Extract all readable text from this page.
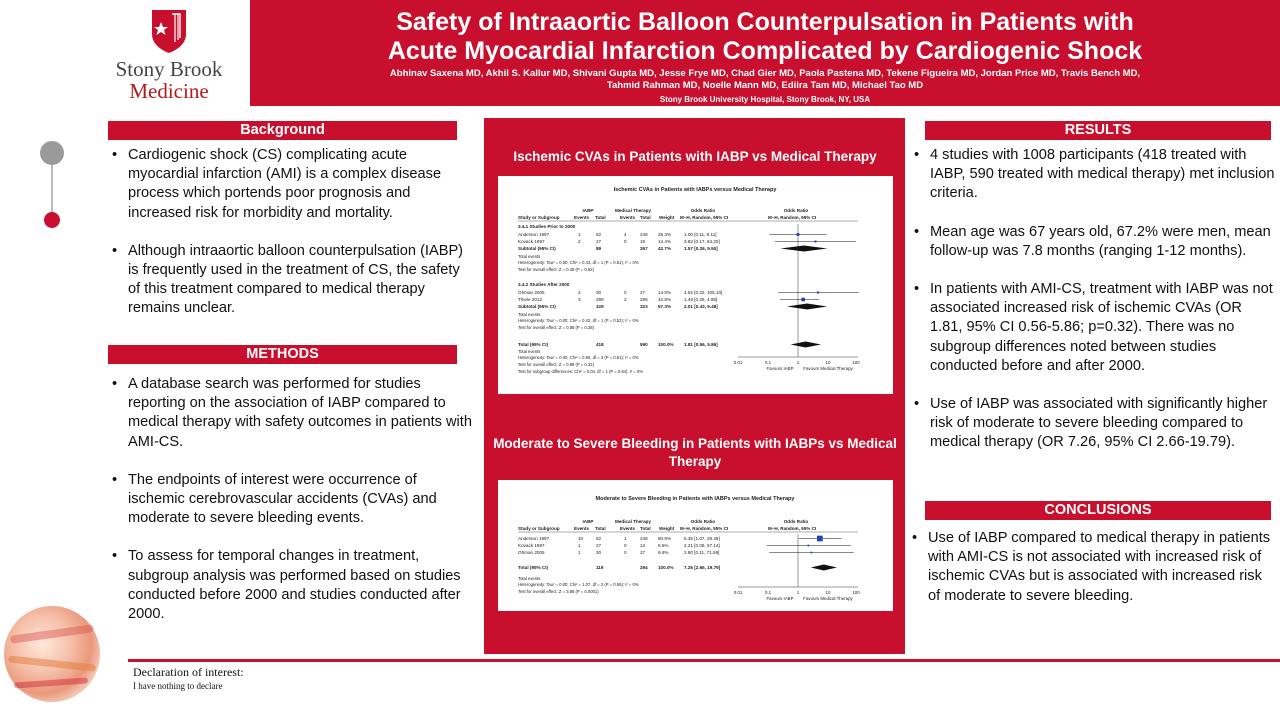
Stony Brook
Medicine
Safety of Intraaortic Balloon Counterpulsation in Patients with
Acute Myocardial Infarction Complicated by Cardiogenic Shock
Abhinav Saxena MD, Akhil S. Kallur MD, Shivani Gupta MD, Jesse Frye MD, Chad Gier MD, Paola Pastena MD, Tekene Figueira MD, Jordan Price MD, Travis Bench MD, Tahmid Rahman MD, Noelle Mann MD, Ediira Tam MD, Michael Tao MD
Stony Brook University Hospital, Stony Brook, NY, USA
Background
• Cardiogenic shock (CS) complicating acute myocardial infarction (AMI) is a complex disease process which portends poor prognosis and increased risk for morbidity and mortality.
• Although intraaortic balloon counterpulsation (IABP) is frequently used in the treatment of CS, the safety of this treatment compared to medical therapy remains unclear.
METHODS
• A database search was performed for studies reporting on the association of IABP compared to medical therapy with safety outcomes in patients with AMI-CS.
• The endpoints of interest were occurrence of ischemic cerebrovascular accidents (CVAs) and moderate to severe bleeding events.
• To assess for temporal changes in treatment, subgroup analysis was performed based on studies conducted before 2000 and studies conducted after 2000.
Ischemic CVAs in Patients with IABP vs Medical Therapy
Ischemic CVAs in Patients with IABPs versus Medical Therapy
IABP	Medical Therapy	Odds Ratio	Odds Ratio
Study or Subgroup	Events Total	Events Total Weight M–H, Random, 95% CI	M–H, Random, 95% CI
3.4.1 Studies Prior to 2000
3.4.2 Studies After 2000
Anderson 1997	1	62	4	248 28.3%	1.00 [0.11, 9.11]
Kovack 1997	2	27	0	19	14.4%	3.82 [0.17, 84.20]
Subtotal (95% CI)	89	267 42.7%	1.57 [0.26, 9.50]
Ohman 2005	2	30	0	27	14.5%	4.62 [0.22, 105.10]
Thiele 2012	3	299	2	296 42.8%	1.49 [0.25, 4.98]
Subtotal (95% CI)	329	323 57.3%	2.01 [0.43, 9.48]
Total (95% CI)	418	590 100.0% 1.81 [0.56, 5.86]
Total events
Heterogeneity: Tau² = 0.00; Chi² = 0.43, df = 1 (P = 0.51); I² = 0%
Test for overall effect: Z = 0.49 (P = 0.62)
Total events
Heterogeneity: Tau² = 0.00; Chi² = 0.42, df = 1 (P = 0.52); I² = 0%
Test for overall effect: Z = 0.88 (P = 0.38)
Total events
Heterogeneity: Tau² = 0.00; Chi² = 0.95, df = 3 (P = 0.81); I² = 0%
Test for overall effect: Z = 0.99 (P = 0.32)
Test for subgroup differences: Chi² = 0.04, df = 1 (P = 0.84), I² = 0%
0.01	0.1	1	10	100
Favours IABP Favours Medical Therapy
Moderate to Severe Bleeding in Patients with IABPs vs Medical Therapy
Moderate to Severe Bleeding in Patients with IABPs versus Medical Therapy
IABP	Medical Therapy	Odds Ratio	Odds Ratio
Study or Subgroup	Events Total	Events Total Weight M–H, Random, 95% CI	M–H, Random, 95% CI
Anderson 1997	10	62	1	248 80.9%	5.35 [1.07, 28.49]
Kovack 1997	1	27	0	13	9.5%	2.21 [0.09, 57.14]
Ohman 2005	1	30	0	27	9.6%	2.80 [0.11, 71.59]
Total (95% CI)	119	294 100.0% 7.26 [2.66, 19.79]
Total events
Heterogeneity: Tau² = 0.00; Chi² = 1.07, df = 2 (P = 0.59); I² = 0%
Test for overall effect: Z = 3.88 (P = 0.0001)	0.01	0.1	1	10	100
Favours IABP Favours Medical Therapy
RESULTS
• 4 studies with 1008 participants (418 treated with IABP, 590 treated with medical therapy) met inclusion criteria.
• Mean age was 67 years old, 67.2% were men, mean follow-up was 7.8 months (ranging 1-12 months).
• In patients with AMI-CS, treatment with IABP was not associated increased risk of ischemic CVAs (OR 1.81, 95% CI 0.56-5.86; p=0.32). There was no subgroup differences noted between studies conducted before and after 2000.
• Use of IABP was associated with significantly higher risk of moderate to severe bleeding compared to medical therapy (OR 7.26, 95% CI 2.66-19.79).
CONCLUSIONS
• Use of IABP compared to medical therapy in patients with AMI-CS is not associated with increased risk of ischemic CVAs but is associated with increased risk of moderate to severe bleeding.
Declaration of interest:
I have nothing to declare
